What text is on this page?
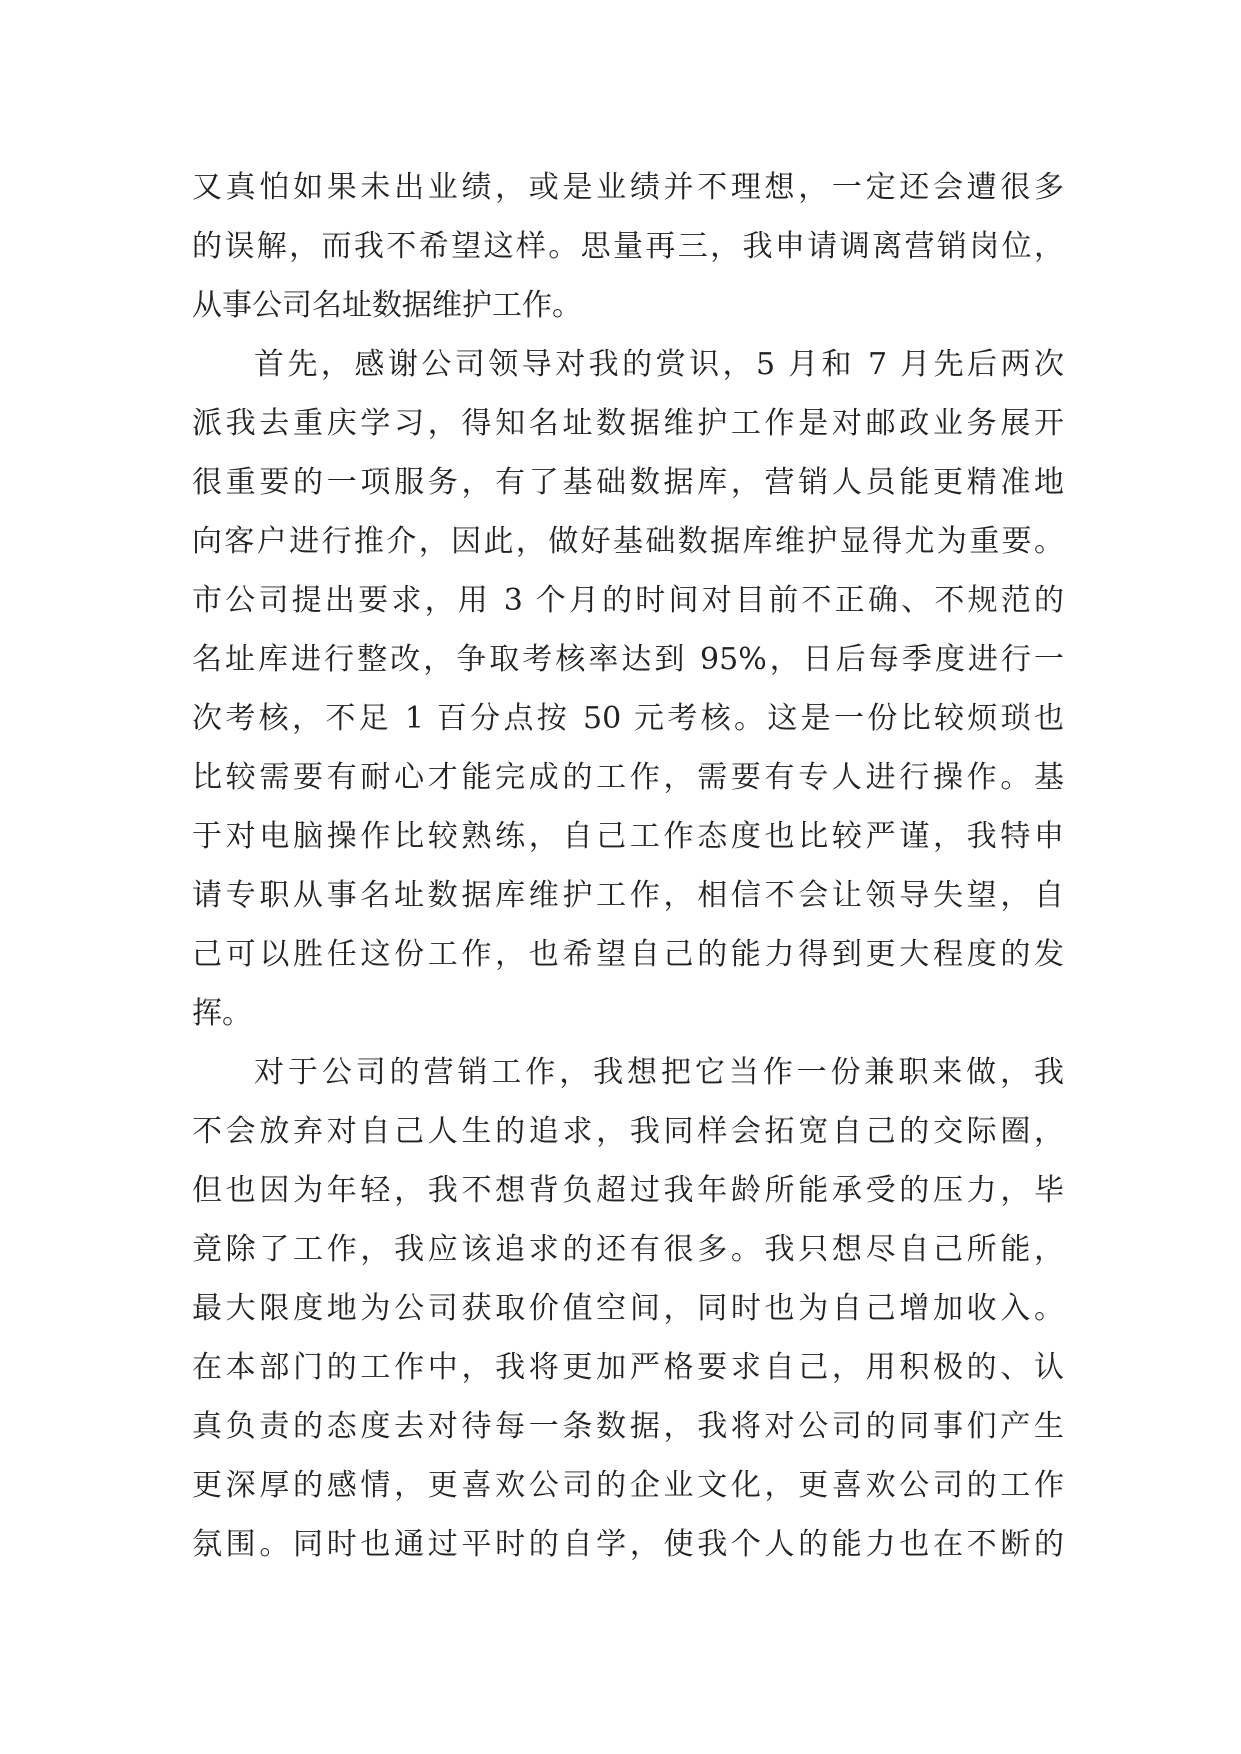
又真怕如果未出业绩，或是业绩并不理想，一定还会遭很多
的误解，而我不希望这样。思量再三，我申请调离营销岗位，
从事公司名址数据维护工作。
首先，感谢公司领导对我的赏识，5 月和 7 月先后两次
派我去重庆学习，得知名址数据维护工作是对邮政业务展开
很重要的一项服务，有了基础数据库，营销人员能更精准地
向客户进行推介，因此，做好基础数据库维护显得尤为重要。
市公司提出要求，用 3 个月的时间对目前不正确、不规范的
名址库进行整改，争取考核率达到 95%，日后每季度进行一
次考核，不足 1 百分点按 50 元考核。这是一份比较烦琐也
比较需要有耐心才能完成的工作，需要有专人进行操作。基
于对电脑操作比较熟练，自己工作态度也比较严谨，我特申
请专职从事名址数据库维护工作，相信不会让领导失望，自
己可以胜任这份工作，也希望自己的能力得到更大程度的发
挥。
对于公司的营销工作，我想把它当作一份兼职来做，我
不会放弃对自己人生的追求，我同样会拓宽自己的交际圈，
但也因为年轻，我不想背负超过我年龄所能承受的压力，毕
竟除了工作，我应该追求的还有很多。我只想尽自己所能，
最大限度地为公司获取价值空间，同时也为自己增加收入。
在本部门的工作中，我将更加严格要求自己，用积极的、认
真负责的态度去对待每一条数据，我将对公司的同事们产生
更深厚的感情，更喜欢公司的企业文化，更喜欢公司的工作
氛围。同时也通过平时的自学，使我个人的能力也在不断的
